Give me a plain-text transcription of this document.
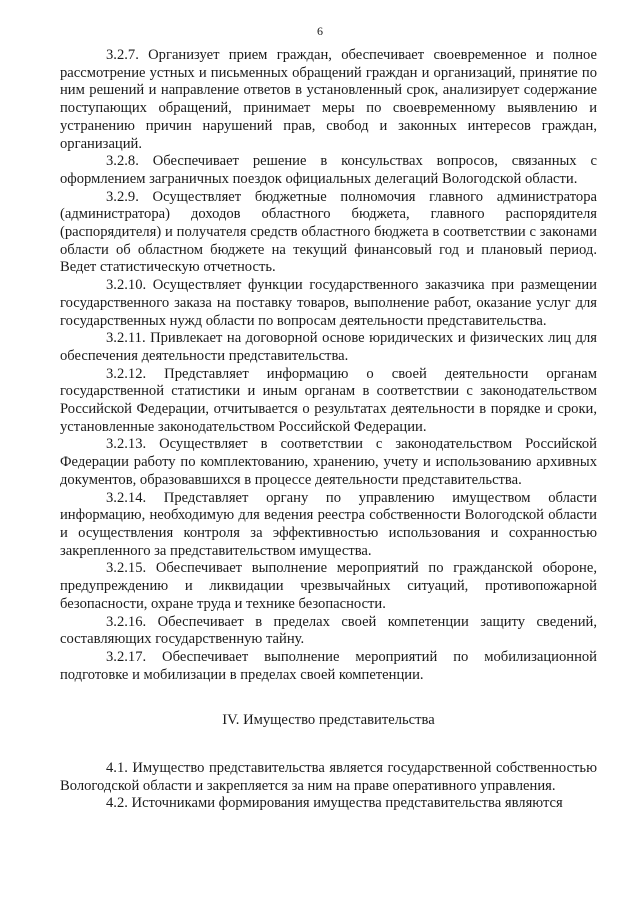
6

3.2.7. Организует прием граждан, обеспечивает своевременное и полное рассмотрение устных и письменных обращений граждан и организаций, принятие по ним решений и направление ответов в установленный срок, анализирует содержание поступающих обращений, принимает меры по своевременному выявлению и устранению причин нарушений прав, свобод и законных интересов граждан, организаций.

3.2.8. Обеспечивает решение в консульствах вопросов, связанных с оформлением заграничных поездок официальных делегаций Вологодской области.

3.2.9. Осуществляет бюджетные полномочия главного администратора (администратора) доходов областного бюджета, главного распорядителя (распорядителя) и получателя средств областного бюджета в соответствии с законами области об областном бюджете на текущий финансовый год и плановый период. Ведет статистическую отчетность.

3.2.10. Осуществляет функции государственного заказчика при размещении государственного заказа на поставку товаров, выполнение работ, оказание услуг для государственных нужд области по вопросам деятельности представительства.

3.2.11. Привлекает на договорной основе юридических и физических лиц для обеспечения деятельности представительства.

3.2.12. Представляет информацию о своей деятельности органам государственной статистики и иным органам в соответствии с законодательством Российской Федерации, отчитывается о результатах деятельности в порядке и сроки, установленные законодательством Российской Федерации.

3.2.13. Осуществляет в соответствии с законодательством Российской Федерации работу по комплектованию, хранению, учету и использованию архивных документов, образовавшихся в процессе деятельности представительства.

3.2.14. Представляет органу по управлению имуществом области информацию, необходимую для ведения реестра собственности Вологодской области и осуществления контроля за эффективностью использования и сохранностью закрепленного за представительством имущества.

3.2.15. Обеспечивает выполнение мероприятий по гражданской обороне, предупреждению и ликвидации чрезвычайных ситуаций, противопожарной безопасности, охране труда и технике безопасности.

3.2.16. Обеспечивает в пределах своей компетенции защиту сведений, составляющих государственную тайну.

3.2.17. Обеспечивает выполнение мероприятий по мобилизационной подготовке и мобилизации в пределах своей компетенции.

IV. Имущество представительства

4.1. Имущество представительства является государственной собственностью Вологодской области и закрепляется за ним на праве оперативного управления.

4.2. Источниками формирования имущества представительства являются
